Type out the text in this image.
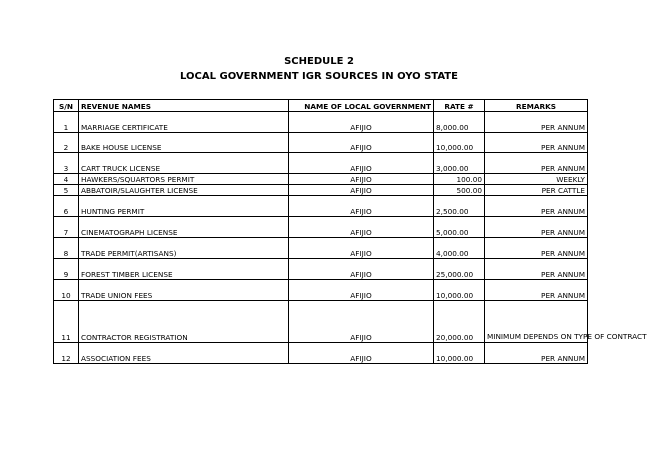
SCHEDULE 2
LOCAL GOVERNMENT IGR SOURCES IN OYO STATE
S/N	REVENUE NAMES	NAME OF LOCAL GOVERNMENT	RATE #	REMARKS
1	MARRIAGE CERTIFICATE	AFIJIO	8,000.00	PER ANNUM
2	BAKE HOUSE LICENSE	AFIJIO	10,000.00	PER ANNUM
3	CART TRUCK LICENSE	AFIJIO	3,000.00	PER ANNUM
4	HAWKERS/SQUARTORS PERMIT	AFIJIO	100.00	WEEKLY
5	ABBATOIR/SLAUGHTER LICENSE	AFIJIO	500.00	PER CATTLE
6	HUNTING PERMIT	AFIJIO	2,500.00	PER ANNUM
7	CINEMATOGRAPH LICENSE	AFIJIO	5,000.00	PER ANNUM
8	TRADE PERMIT(ARTISANS)	AFIJIO	4,000.00	PER ANNUM
9	FOREST TIMBER LICENSE	AFIJIO	25,000.00	PER ANNUM
10	TRADE UNION FEES	AFIJIO	10,000.00	PER ANNUM
11	CONTRACTOR REGISTRATION	AFIJIO	20,000.00	MINIMUM DEPENDS ON TYPE OF CONTRACT
12	ASSOCIATION FEES	AFIJIO	10,000.00	PER ANNUM
